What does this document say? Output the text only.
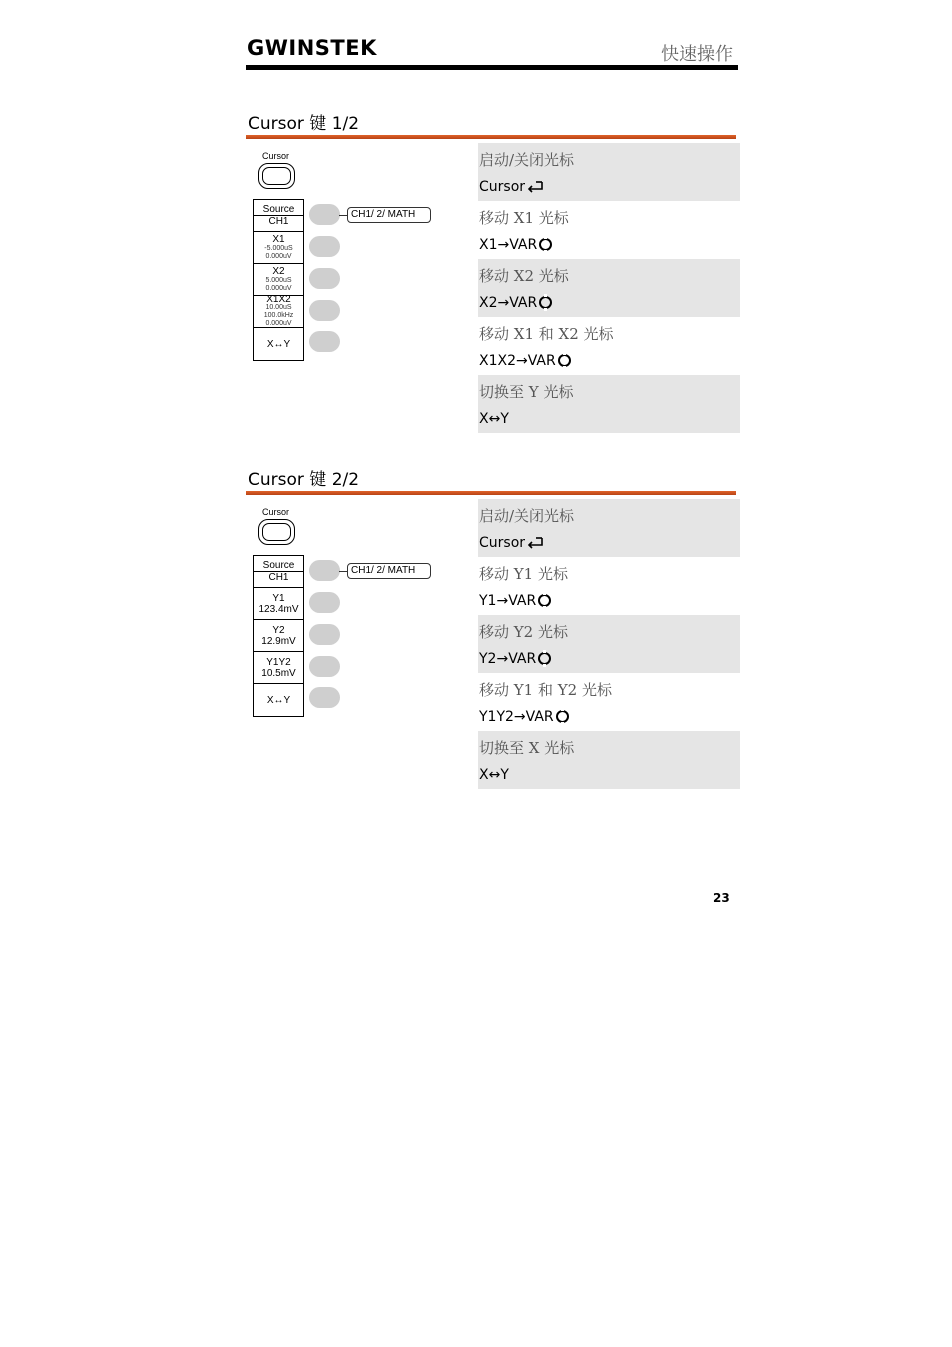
GWINSTEK	快速操作
Cursor 键 1/2
Cursor
Source
CH1
X1
-5.000uS
0.000uV
X2
5.000uS
0.000uV
X1X2
10.00uS
100.0kHz
0.000uV
X↔Y
CH1/ 2/ MATH
启动/关闭光标
Cursor
移动 X1 光标
X1→VAR
移动 X2 光标
X2→VAR
移动 X1 和 X2 光标
X1X2→VAR
切换至 Y 光标
X↔Y
Cursor 键 2/2
Cursor
Source
CH1
Y1
123.4mV
Y2
12.9mV
Y1Y2
10.5mV
X↔Y
CH1/ 2/ MATH
启动/关闭光标
Cursor
移动 Y1 光标
Y1→VAR
移动 Y2 光标
Y2→VAR
移动 Y1 和 Y2 光标
Y1Y2→VAR
切换至 X 光标
X↔Y
23
